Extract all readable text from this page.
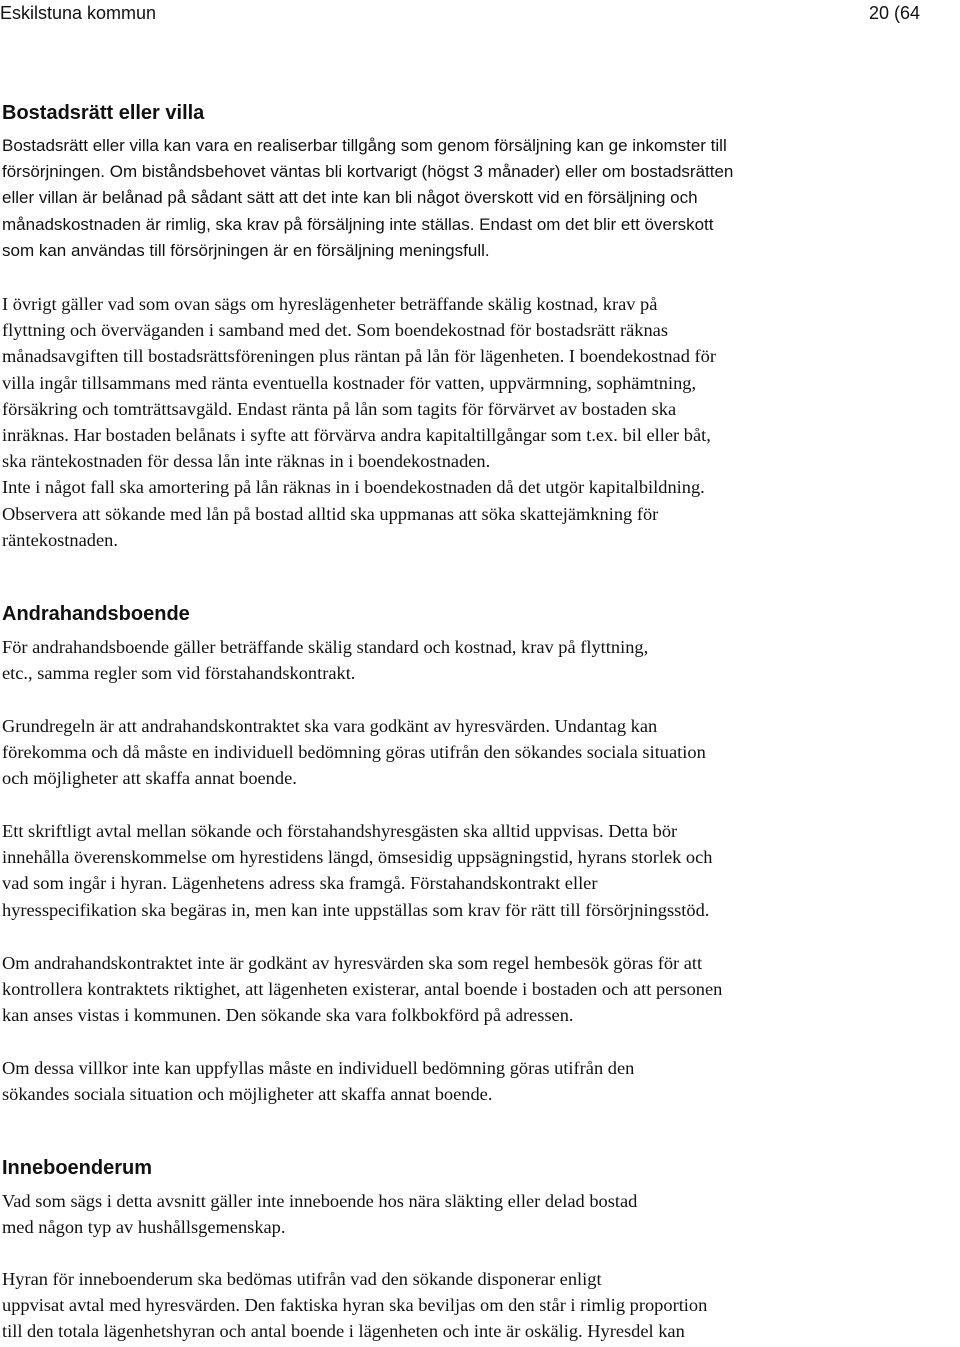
Eskilstuna kommun	20 (64
Bostadsrätt eller villa

Bostadsrätt eller villa kan vara en realiserbar tillgång som genom försäljning kan ge inkomster till
försörjningen. Om biståndsbehovet väntas bli kortvarigt (högst 3 månader) eller om bostadsrätten
eller villan är belånad på sådant sätt att det inte kan bli något överskott vid en försäljning och
månadskostnaden är rimlig, ska krav på försäljning inte ställas. Endast om det blir ett överskott
som kan användas till försörjningen är en försäljning meningsfull.

I övrigt gäller vad som ovan sägs om hyreslägenheter beträffande skälig kostnad, krav på
flyttning och överväganden i samband med det. Som boendekostnad för bostadsrätt räknas
månadsavgiften till bostadsrättsföreningen plus räntan på lån för lägenheten. I boendekostnad för
villa ingår tillsammans med ränta eventuella kostnader för vatten, uppvärmning, sophämtning,
försäkring och tomträttsavgäld. Endast ränta på lån som tagits för förvärvet av bostaden ska
inräknas. Har bostaden belånats i syfte att förvärva andra kapitaltillgångar som t.ex. bil eller båt,
ska räntekostnaden för dessa lån inte räknas in i boendekostnaden.
Inte i något fall ska amortering på lån räknas in i boendekostnaden då det utgör kapitalbildning.
Observera att sökande med lån på bostad alltid ska uppmanas att söka skattejämkning för
räntekostnaden.

Andrahandsboende

För andrahandsboende gäller beträffande skälig standard och kostnad, krav på flyttning,
etc., samma regler som vid förstahandskontrakt.

Grundregeln är att andrahandskontraktet ska vara godkänt av hyresvärden. Undantag kan
förekomma och då måste en individuell bedömning göras utifrån den sökandes sociala situation
och möjligheter att skaffa annat boende.

Ett skriftligt avtal mellan sökande och förstahandshyresgästen ska alltid uppvisas. Detta bör
innehålla överenskommelse om hyrestidens längd, ömsesidig uppsägningstid, hyrans storlek och
vad som ingår i hyran. Lägenhetens adress ska framgå. Förstahandskontrakt eller
hyresspecifikation ska begäras in, men kan inte uppställas som krav för rätt till försörjningsstöd.

Om andrahandskontraktet inte är godkänt av hyresvärden ska som regel hembesök göras för att
kontrollera kontraktets riktighet, att lägenheten existerar, antal boende i bostaden och att personen
kan anses vistas i kommunen. Den sökande ska vara folkbokförd på adressen.

Om dessa villkor inte kan uppfyllas måste en individuell bedömning göras utifrån den
sökandes sociala situation och möjligheter att skaffa annat boende.

Inneboenderum

Vad som sägs i detta avsnitt gäller inte inneboende hos nära släkting eller delad bostad
med någon typ av hushållsgemenskap.

Hyran för inneboenderum ska bedömas utifrån vad den sökande disponerar enligt
uppvisat avtal med hyresvärden. Den faktiska hyran ska beviljas om den står i rimlig proportion
till den totala lägenhetshyran och antal boende i lägenheten och inte är oskälig. Hyresdel kan
